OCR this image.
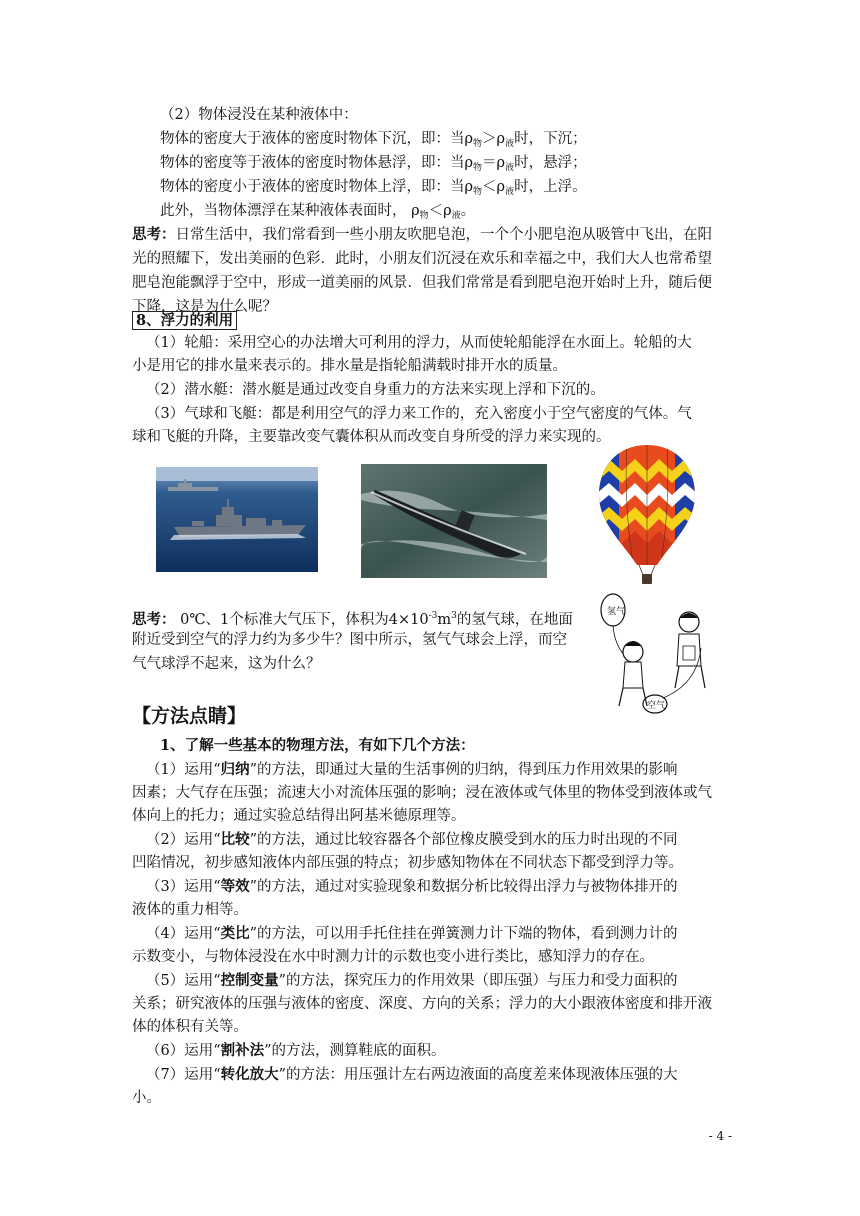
（2）物体浸没在某种液体中：
物体的密度大于液体的密度时物体下沉，即：当$\rho_物>\rho_液$时，下沉；
物体的密度等于液体的密度时物体悬浮，即：当$\rho_物=\rho_液$时，悬浮；
物体的密度小于液体的密度时物体上浮，即：当$\rho_物<\rho_液$时，上浮。
此外，当物体漂浮在某种液体表面时， $\rho_物<\rho_液$。
思考：日常生活中，我们常看到一些小朋友吹肥皂泡，一个个小肥皂泡从吸管中飞出，在阳
光的照耀下，发出美丽的色彩．此时，小朋友们沉浸在欢乐和幸福之中，我们大人也常希望
肥皂泡能飘浮于空中，形成一道美丽的风景．但我们常常是看到肥皂泡开始时上升，随后便
下降，这是为什么呢？
8、浮力的利用
（1）轮船：采用空心的办法增大可利用的浮力，从而使轮船能浮在水面上。轮船的大
小是用它的排水量来表示的。排水量是指轮船满载时排开水的质量。
（2）潜水艇：潜水艇是通过改变自身重力的方法来实现上浮和下沉的。
（3）气球和飞艇：都是利用空气的浮力来工作的，充入密度小于空气密度的气体。气
球和飞艇的升降，主要靠改变气囊体积从而改变自身所受的浮力来实现的。
思考： 0℃、1个标准大气压下，体积为$4\times 10^{-3}m^3$的氢气球，在地面
附近受到空气的浮力约为多少牛？图中所示，氢气气球会上浮，而空
气气球浮不起来，这为什么？
氢气
空气
【方法点睛】
1、了解一些基本的物理方法，有如下几个方法：
（1）运用“归纳”的方法，即通过大量的生活事例的归纳，得到压力作用效果的影响
因素；大气存在压强；流速大小对流体压强的影响；浸在液体或气体里的物体受到液体或气
体向上的托力；通过实验总结得出阿基米德原理等。
（2）运用“比较”的方法，通过比较容器各个部位橡皮膜受到水的压力时出现的不同
凹陷情况，初步感知液体内部压强的特点；初步感知物体在不同状态下都受到浮力等。
（3）运用“等效”的方法，通过对实验现象和数据分析比较得出浮力与被物体排开的
液体的重力相等。
（4）运用“类比”的方法，可以用手托住挂在弹簧测力计下端的物体，看到测力计的
示数变小，与物体浸没在水中时测力计的示数也变小进行类比，感知浮力的存在。
（5）运用“控制变量”的方法，探究压力的作用效果（即压强）与压力和受力面积的
关系；研究液体的压强与液体的密度、深度、方向的关系；浮力的大小跟液体密度和排开液
体的体积有关等。
（6）运用“割补法”的方法，测算鞋底的面积。
（7）运用“转化放大”的方法：用压强计左右两边液面的高度差来体现液体压强的大
小。
- 4 -
